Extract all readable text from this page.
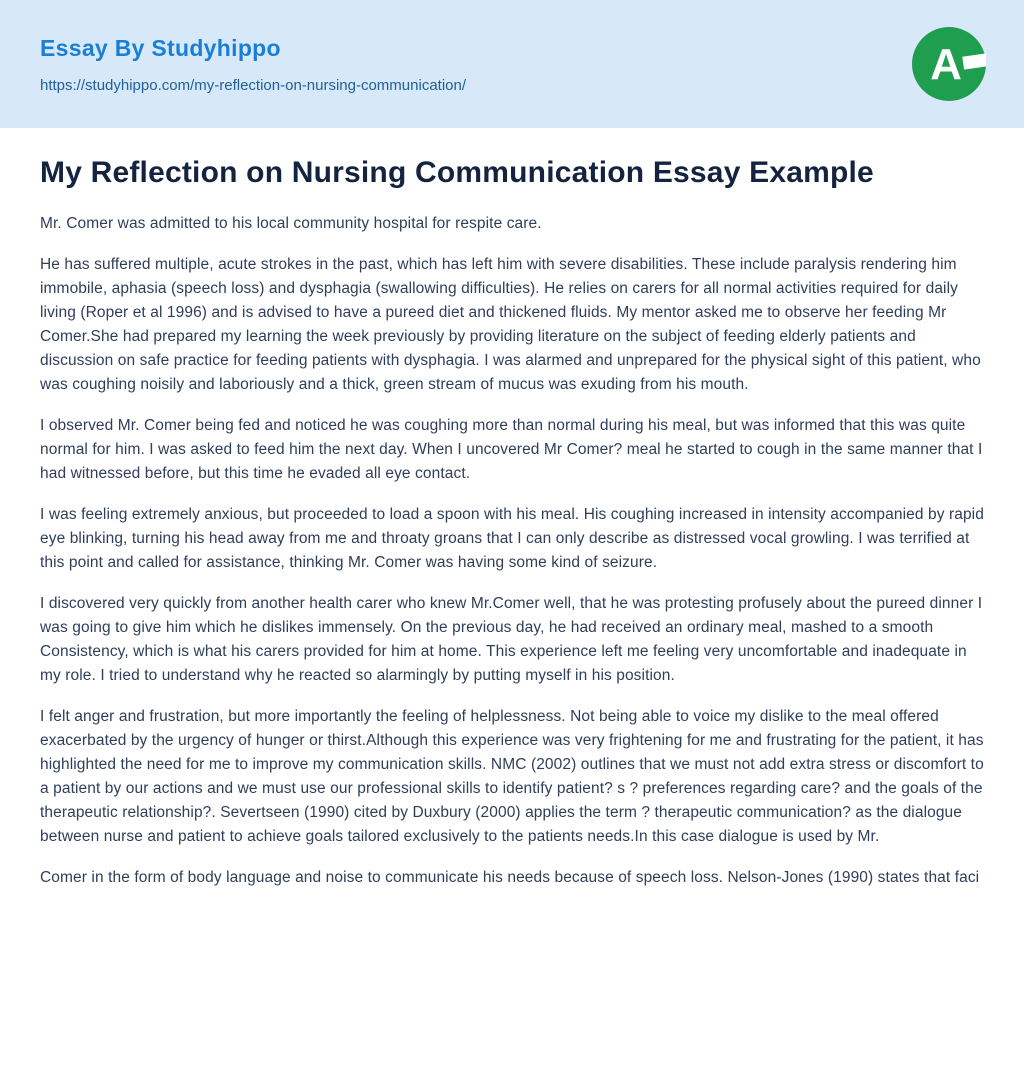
Essay By Studyhippo
https://studyhippo.com/my-reflection-on-nursing-communication/	A
My Reflection on Nursing Communication Essay Example

Mr. Comer was admitted to his local community hospital for respite care.

He has suffered multiple, acute strokes in the past, which has left him with severe disabilities. These include paralysis rendering him immobile, aphasia (speech loss) and dysphagia (swallowing difficulties). He relies on carers for all normal activities required for daily living (Roper et al 1996) and is advised to have a pureed diet and thickened fluids. My mentor asked me to observe her feeding Mr Comer.She had prepared my learning the week previously by providing literature on the subject of feeding elderly patients and discussion on safe practice for feeding patients with dysphagia. I was alarmed and unprepared for the physical sight of this patient, who was coughing noisily and laboriously and a thick, green stream of mucus was exuding from his mouth.

I observed Mr. Comer being fed and noticed he was coughing more than normal during his meal, but was informed that this was quite normal for him. I was asked to feed him the next day. When I uncovered Mr Comer? meal he started to cough in the same manner that I had witnessed before, but this time he evaded all eye contact.

I was feeling extremely anxious, but proceeded to load a spoon with his meal. His coughing increased in intensity accompanied by rapid eye blinking, turning his head away from me and throaty groans that I can only describe as distressed vocal growling. I was terrified at this point and called for assistance, thinking Mr. Comer was having some kind of seizure.

I discovered very quickly from another health carer who knew Mr.Comer well, that he was protesting profusely about the pureed dinner I was going to give him which he dislikes immensely. On the previous day, he had received an ordinary meal, mashed to a smooth Consistency, which is what his carers provided for him at home. This experience left me feeling very uncomfortable and inadequate in my role. I tried to understand why he reacted so alarmingly by putting myself in his position.

I felt anger and frustration, but more importantly the feeling of helplessness. Not being able to voice my dislike to the meal offered exacerbated by the urgency of hunger or thirst.Although this experience was very frightening for me and frustrating for the patient, it has highlighted the need for me to improve my communication skills. NMC (2002) outlines that we must not add extra stress or discomfort to a patient by our actions and we must use our professional skills to identify patient? s ? preferences regarding care? and the goals of the therapeutic relationship?. Severtseen (1990) cited by Duxbury (2000) applies the term ? therapeutic communication? as the dialogue between nurse and patient to achieve goals tailored exclusively to the patients needs.In this case dialogue is used by Mr.

Comer in the form of body language and noise to communicate his needs because of speech loss. Nelson-Jones (1990) states that faci
